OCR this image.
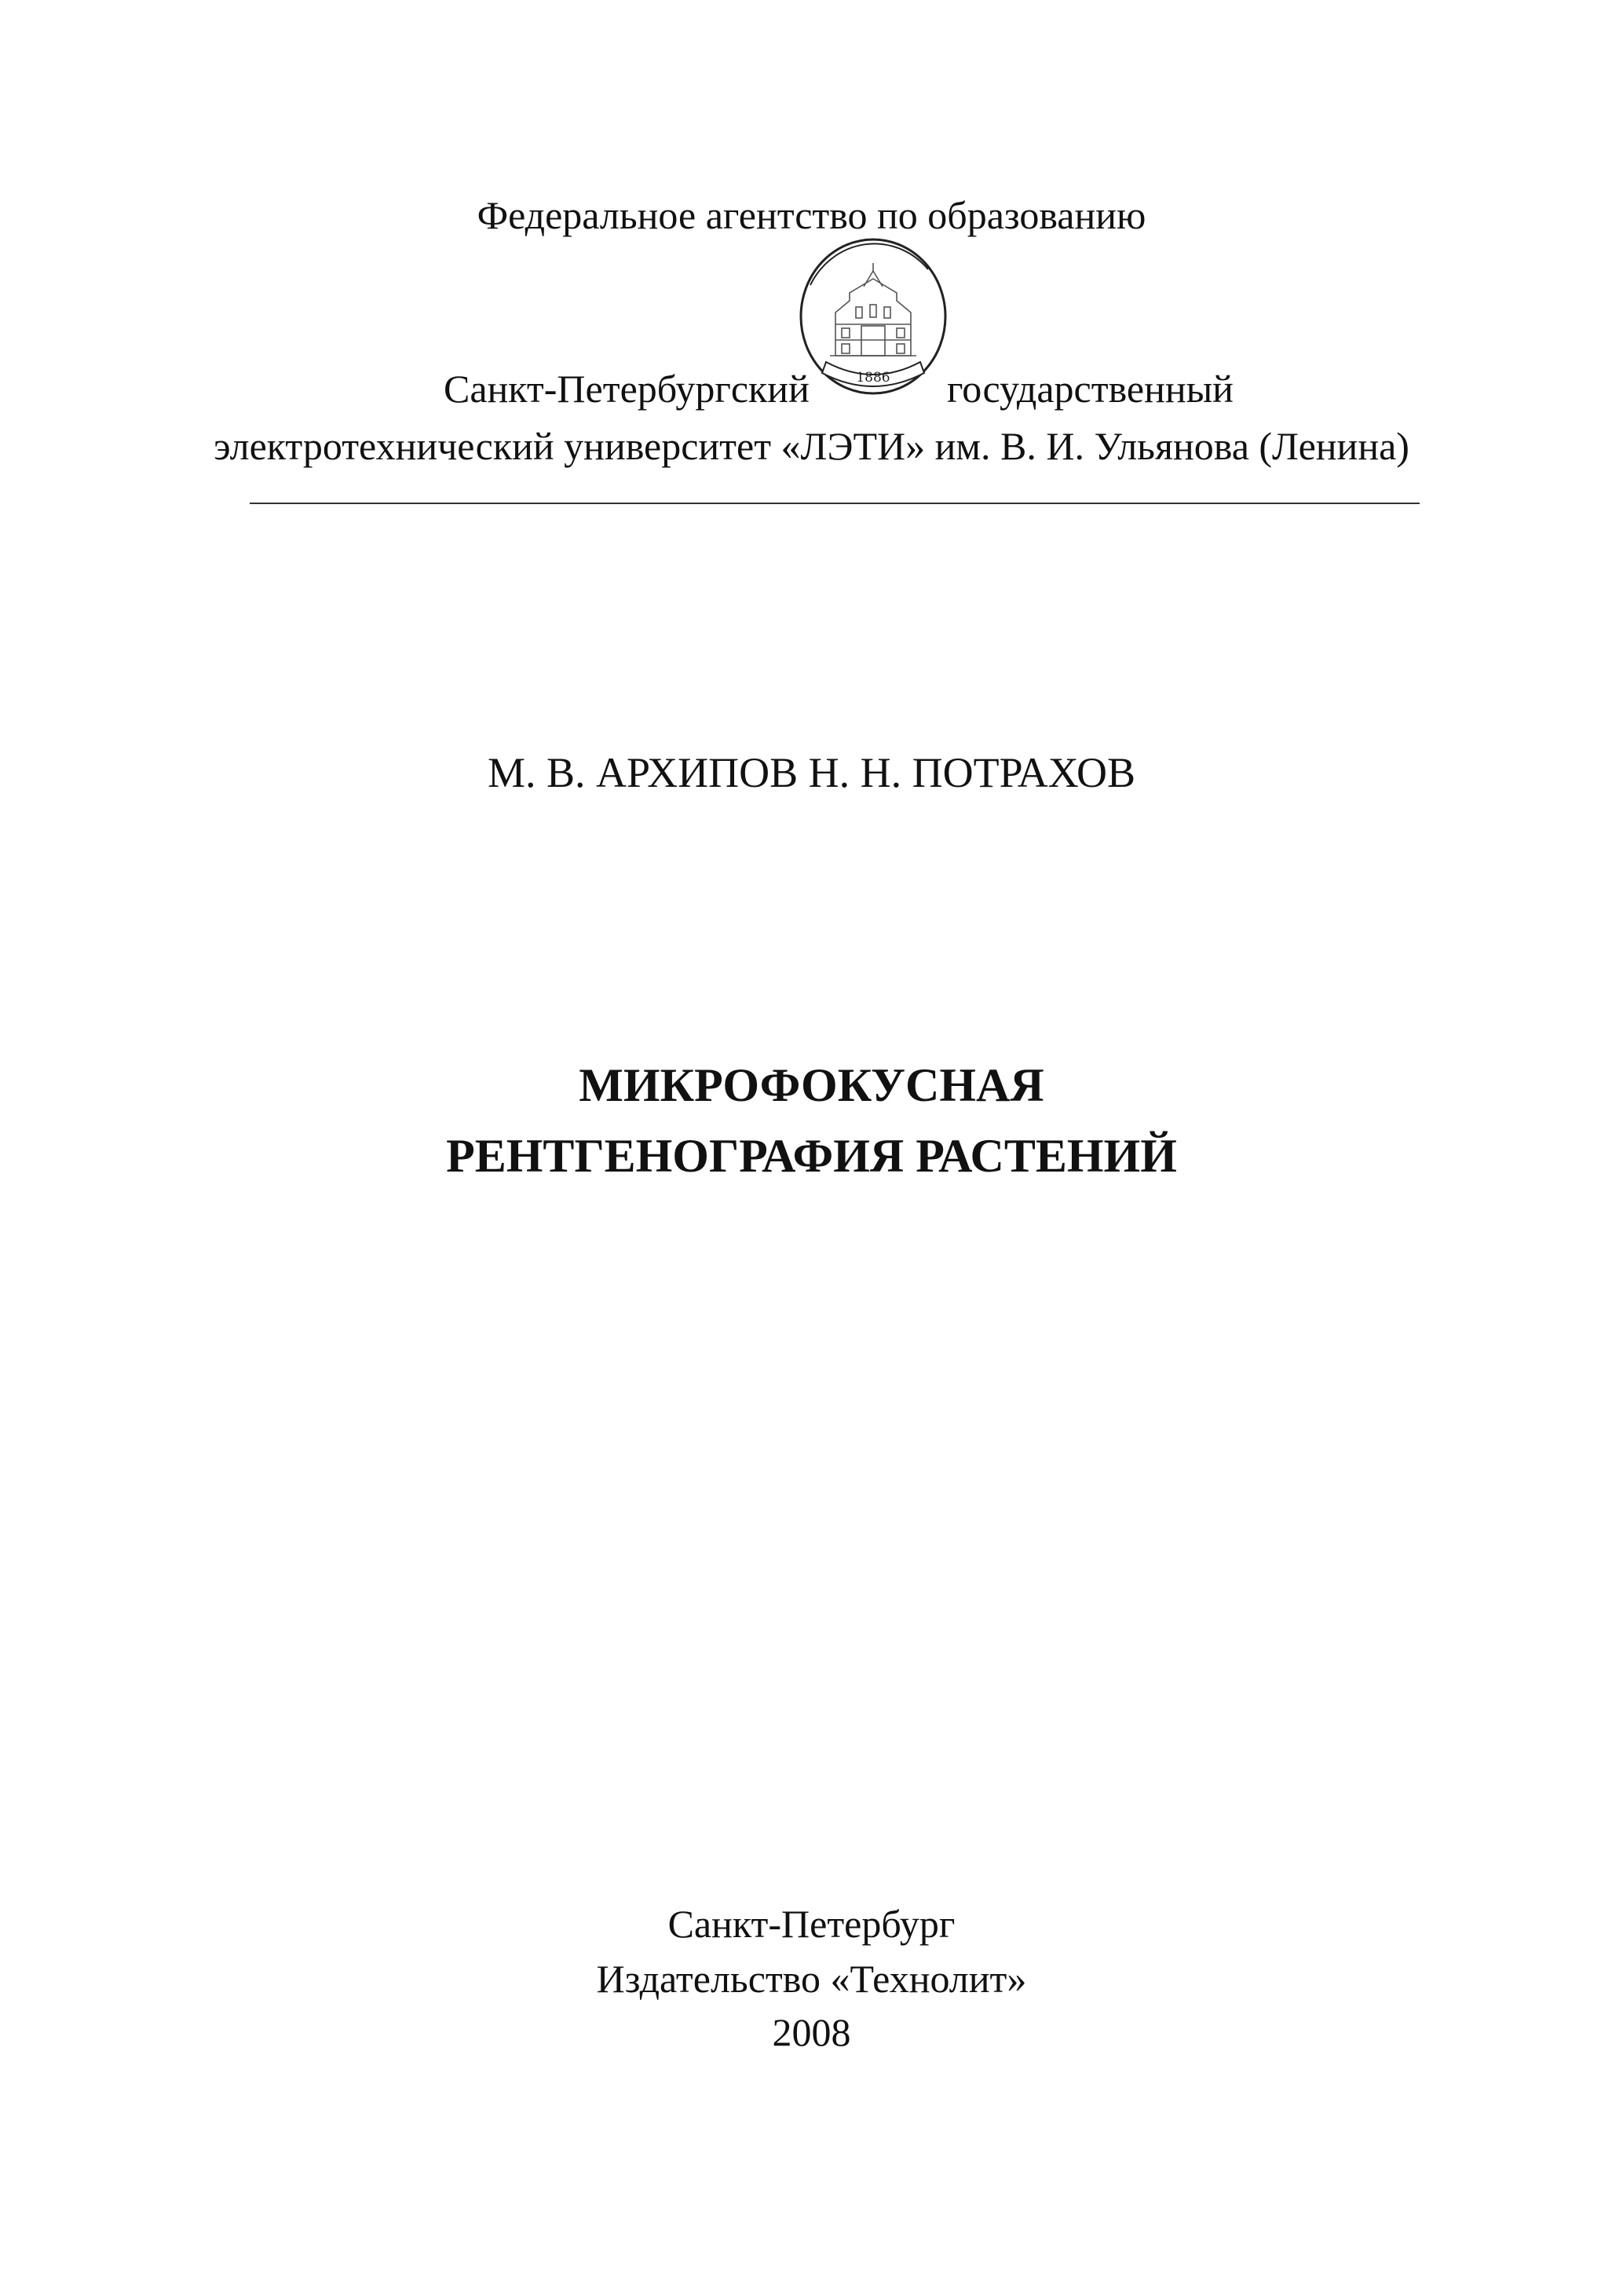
Федеральное агентство по образованию
1886
Санкт-Петербургский	государственный
электротехнический университет «ЛЭТИ» им. В. И. Ульянова (Ленина)
М. В. АРХИПОВ Н. Н. ПОТРАХОВ
МИКРОФОКУСНАЯ
РЕНТГЕНОГРАФИЯ РАСТЕНИЙ
Санкт-Петербург
Издательство «Технолит»
2008
